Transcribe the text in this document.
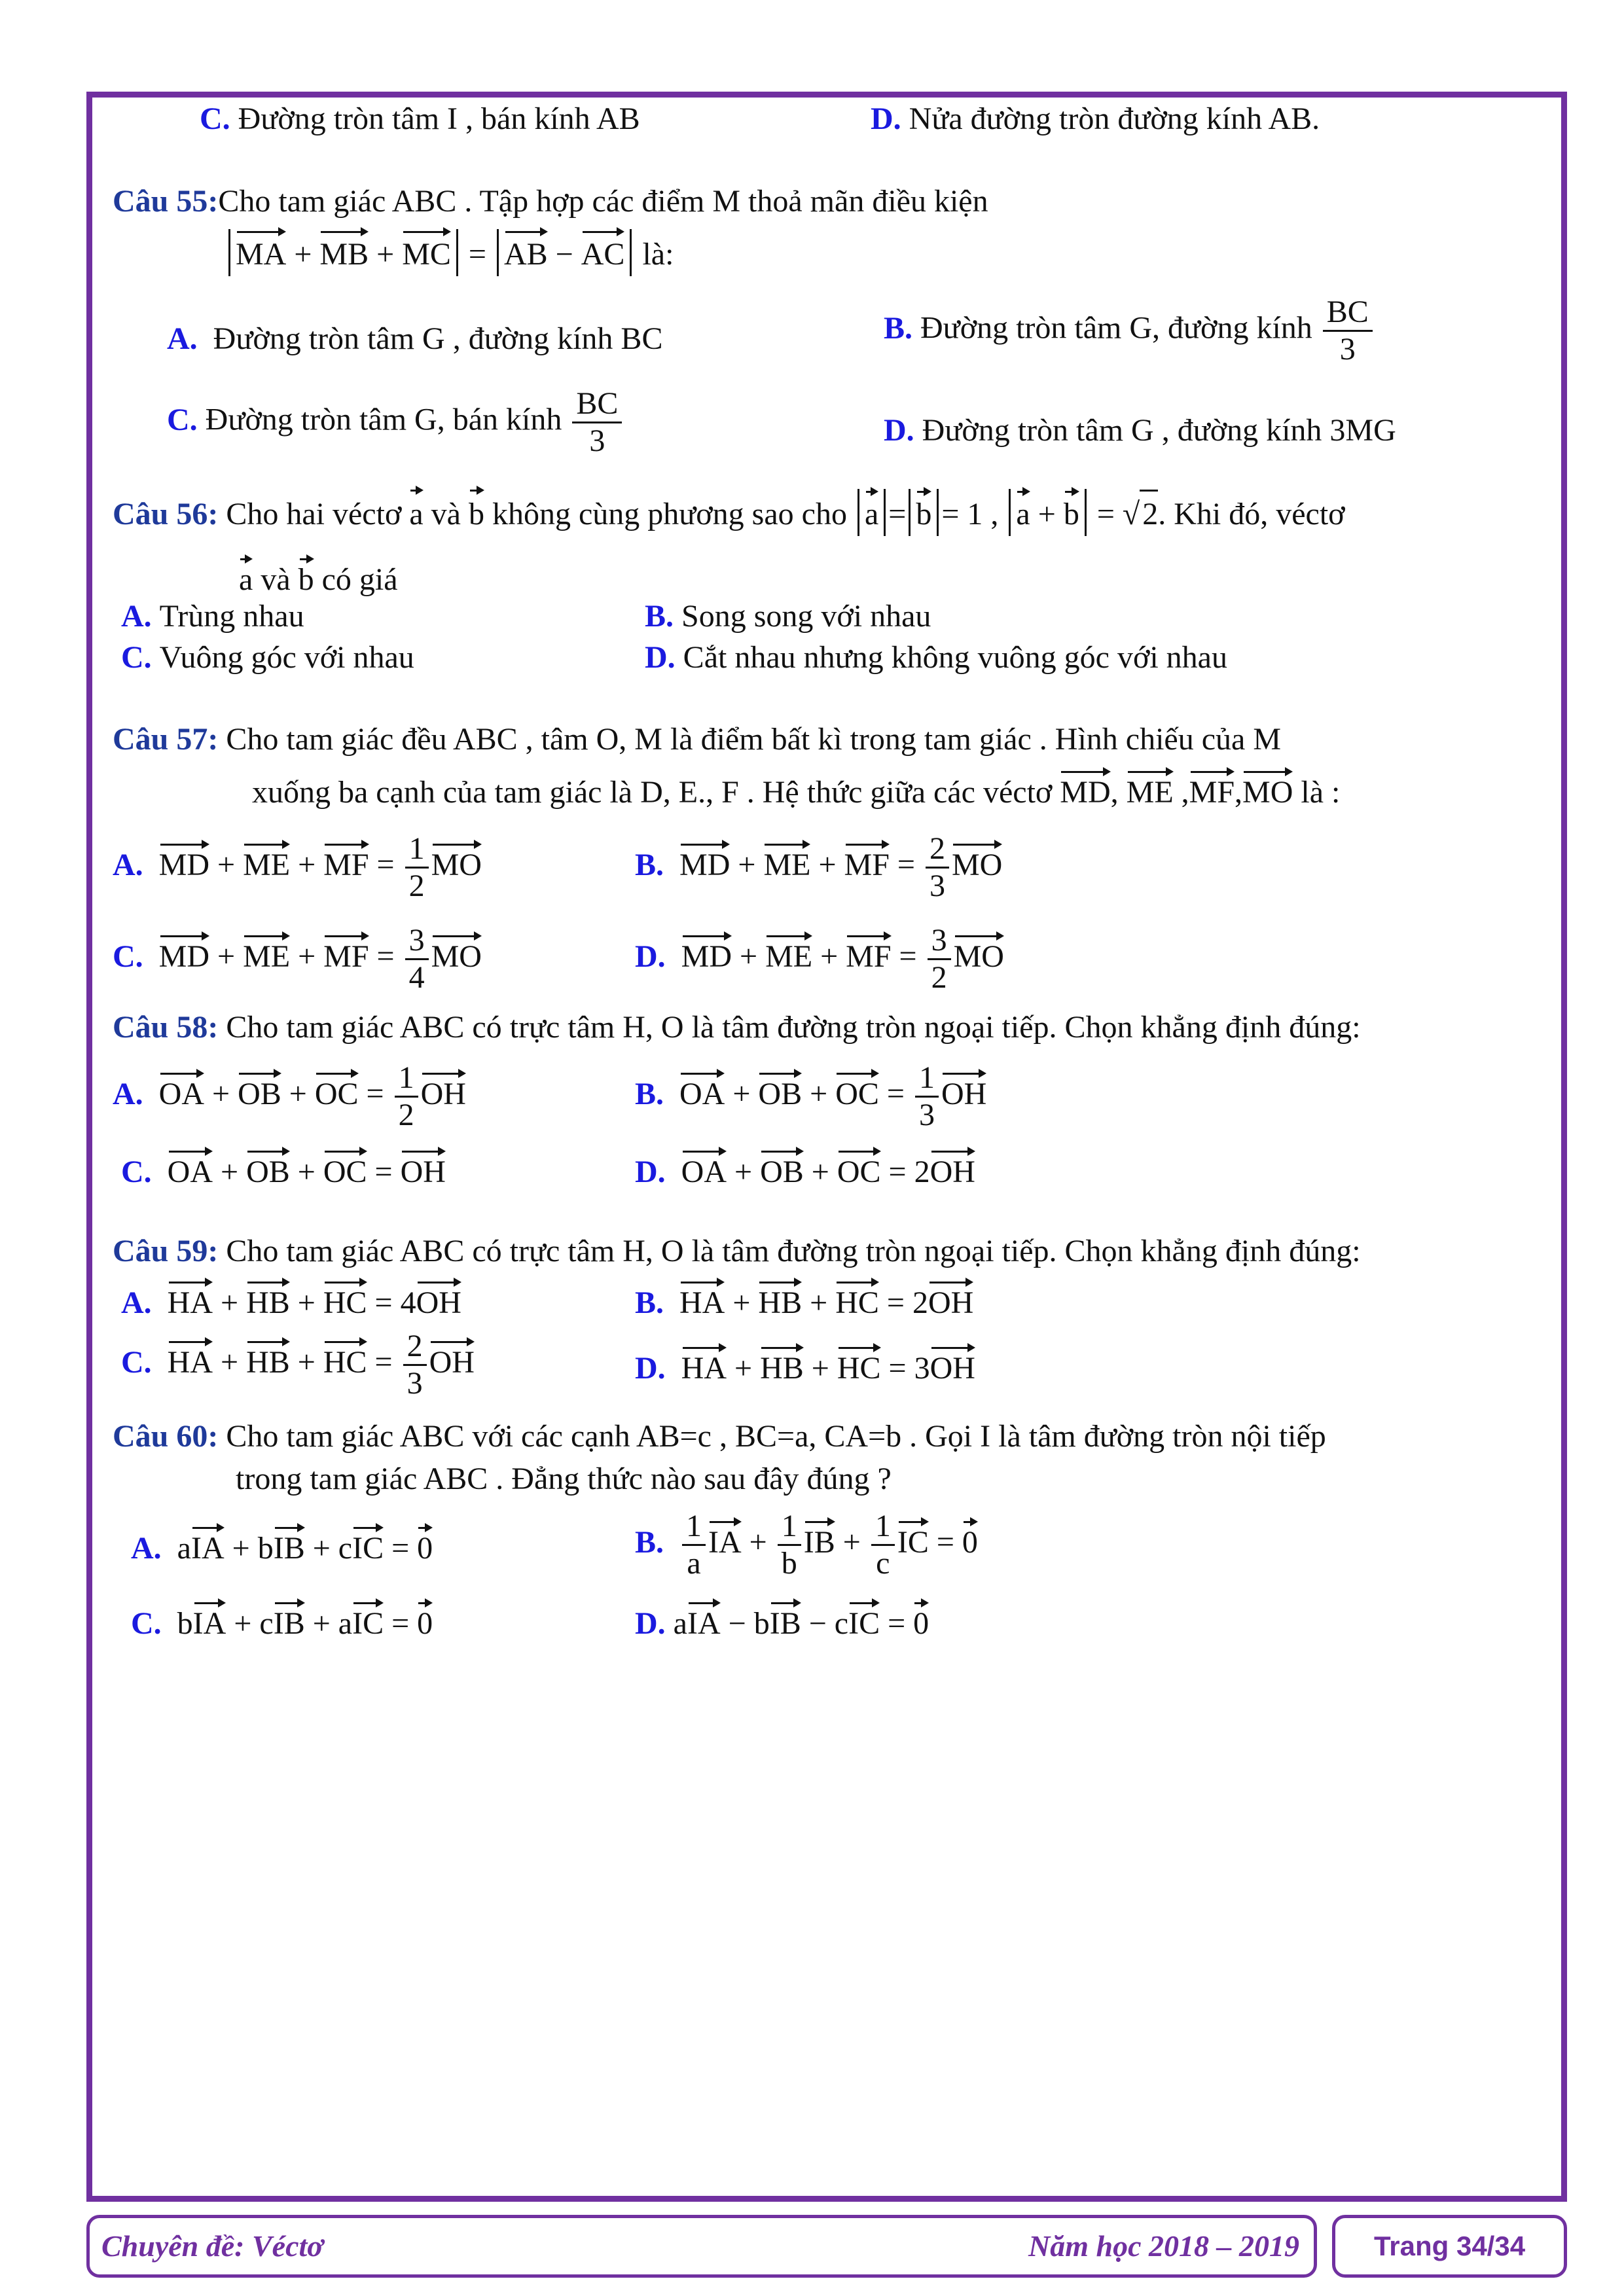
C. Đường tròn tâm I , bán kính AB	D. Nửa đường tròn đường kính AB.
Câu 55:Cho tam giác ABC . Tập hợp các điểm M thoả mãn điều kiện
MA + MB + MC = AB − AC là:
A. Đường tròn tâm G , đường kính BC	B. Đường tròn tâm G, đường kính $\frac{BC}{3}$
C. Đường tròn tâm G, bán kính $\frac{BC}{3}$	D. Đường tròn tâm G , đường kính 3MG
Câu 56: Cho hai véctơ a và b không cùng phương sao cho a = b = 1 , a + b = √2. Khi đó, véctơ
a và b có giá
A. Trùng nhau	B. Song song với nhau
C. Vuông góc với nhau	D. Cắt nhau nhưng không vuông góc với nhau
Câu 57: Cho tam giác đều ABC , tâm O, M là điểm bất kì trong tam giác . Hình chiếu của M
xuống ba cạnh của tam giác là D, E., F . Hệ thức giữa các véctơ MD, ME ,MF,MO là :
A. MD + ME + MF = $\frac{1}{2}$ MO	B. MD + ME + MF = $\frac{2}{3}$ MO
C. MD + ME + MF = $\frac{3}{4}$ MO	D. MD + ME + MF = $\frac{3}{2}$ MO
Câu 58: Cho tam giác ABC có trực tâm H, O là tâm đường tròn ngoại tiếp. Chọn khẳng định đúng:
A. OA + OB + OC = $\frac{1}{2}$ OH	B. OA + OB + OC = $\frac{1}{3}$ OH
C. OA + OB + OC = OH	D. OA + OB + OC = 2OH
Câu 59: Cho tam giác ABC có trực tâm H, O là tâm đường tròn ngoại tiếp. Chọn khẳng định đúng:
A. HA + HB + HC = 4OH	B. HA + HB + HC = 2OH
C. HA + HB + HC = $\frac{2}{3}$ OH	D. HA + HB + HC = 3OH
Câu 60: Cho tam giác ABC với các cạnh AB=c , BC=a, CA=b . Gọi I là tâm đường tròn nội tiếp
trong tam giác ABC . Đẳng thức nào sau đây đúng ?
A. aIA + bIB + cIC = 0	B. $\frac{1}{a}$ IA + $\frac{1}{b}$ IB + $\frac{1}{c}$ IC = 0
C. bIA + cIB + aIC = 0	D. aIA − bIB − cIC = 0
Chuyên đề: Véctơ	Năm học 2018 – 2019	Trang 34/34
